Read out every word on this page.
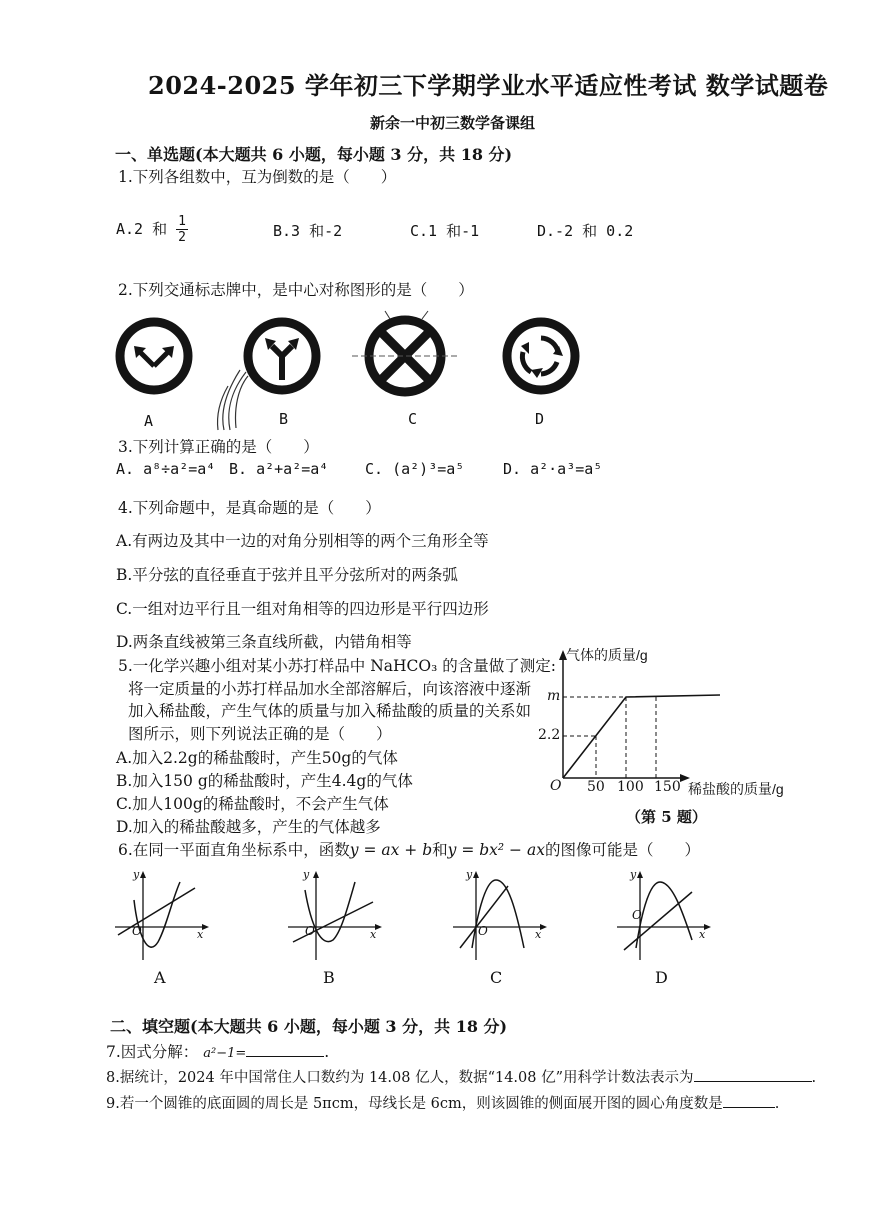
2024-2025 学年初三下学期学业水平适应性考试 数学试题卷
新余一中初三数学备课组
一、单选题(本大题共 6 小题，每小题 3 分，共 18 分)
1.下列各组数中，互为倒数的是（　　）
A.2 和 $\frac{1}{2}$	B.3 和-2	C.1 和-1	D.-2 和 0.2
2.下列交通标志牌中，是中心对称图形的是（　　）
A	B	C	D
3.下列计算正确的是（　　）
A. a⁸÷a²=a⁴ B. a²+a²=a⁴ C. (a²)³=a⁵	D. a²·a³=a⁵
4.下列命题中，是真命题的是（　　）
A.有两边及其中一边的对角分别相等的两个三角形全等
B.平分弦的直径垂直于弦并且平分弦所对的两条弧
C.一组对边平行且一组对角相等的四边形是平行四边形
D.两条直线被第三条直线所截，内错角相等
5.一化学兴趣小组对某小苏打样品中 NaHCO₃ 的含量做了测定:
将一定质量的小苏打样品加水全部溶解后，向该溶液中逐渐
加入稀盐酸，产生气体的质量与加入稀盐酸的质量的关系如
图所示，则下列说法正确的是（　　）
A.加入2.2g的稀盐酸时，产生50g的气体
B.加入150 g的稀盐酸时，产生4.4g的气体
C.加人100g的稀盐酸时，不会产生气体
D.加入的稀盐酸越多，产生的气体越多
气体的质量/g
m
2.2
O 50 100 150 稀盐酸的质量/g
（第 5 题）
6.在同一平面直角坐标系中，函数y = ax + b和y = bx² − ax的图像可能是（　　）
y
x
O
y
x
O
y
x
O
y
x
O
A	B	C	D
二、填空题(本大题共 6 小题，每小题 3 分，共 18 分)
7.因式分解： a²−1=	.
8.据统计，2024 年中国常住人口数约为 14.08 亿人，数据“14.08 亿”用科学计数法表示为	.
9.若一个圆锥的底面圆的周长是 5πcm，母线长是 6cm，则该圆锥的侧面展开图的圆心角度数是	.
